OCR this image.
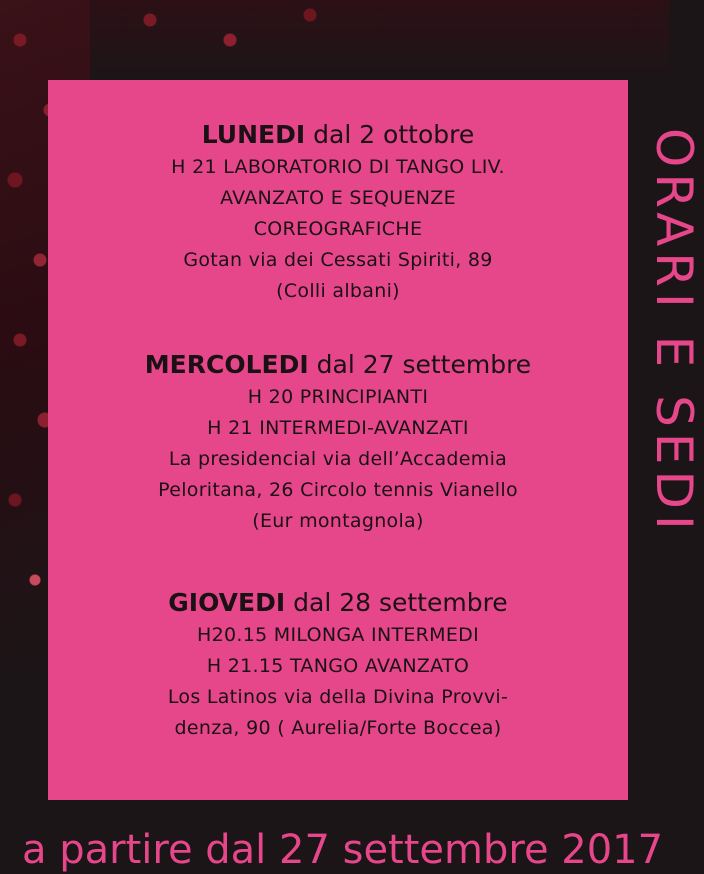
LUNEDI dal 2 ottobre

H 21 LABORATORIO DI TANGO LIV.

AVANZATO E SEQUENZE

COREOGRAFICHE

Gotan via dei Cessati Spiriti, 89

(Colli albani)

MERCOLEDI dal 27 settembre

H 20 PRINCIPIANTI

H 21 INTERMEDI-AVANZATI

La presidencial via dell’Accademia

Peloritana, 26 Circolo tennis Vianello

(Eur montagnola)

GIOVEDI dal 28 settembre

H20.15 MILONGA INTERMEDI

H 21.15 TANGO AVANZATO

Los Latinos via della Divina Provvi-

denza, 90 ( Aurelia/Forte Boccea)

ORARI E SEDI
a partire dal 27 settembre 2017
